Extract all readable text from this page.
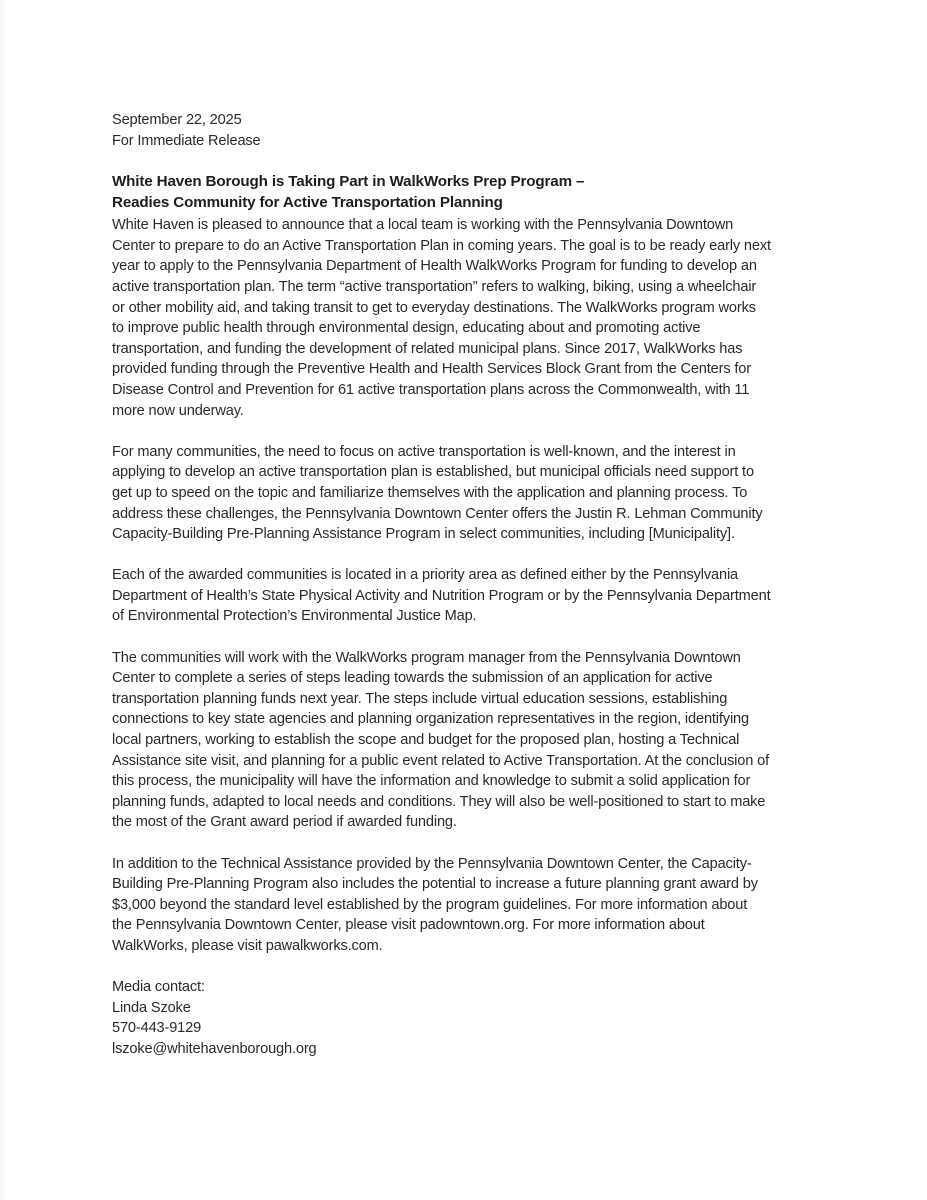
September 22, 2025
For Immediate Release
White Haven Borough is Taking Part in WalkWorks Prep Program –
Readies Community for Active Transportation Planning
White Haven is pleased to announce that a local team is working with the Pennsylvania Downtown
Center to prepare to do an Active Transportation Plan in coming years. The goal is to be ready early next
year to apply to the Pennsylvania Department of Health WalkWorks Program for funding to develop an
active transportation plan. The term “active transportation” refers to walking, biking, using a wheelchair
or other mobility aid, and taking transit to get to everyday destinations. The WalkWorks program works
to improve public health through environmental design, educating about and promoting active
transportation, and funding the development of related municipal plans. Since 2017, WalkWorks has
provided funding through the Preventive Health and Health Services Block Grant from the Centers for
Disease Control and Prevention for 61 active transportation plans across the Commonwealth, with 11
more now underway.
For many communities, the need to focus on active transportation is well-known, and the interest in
applying to develop an active transportation plan is established, but municipal officials need support to
get up to speed on the topic and familiarize themselves with the application and planning process. To
address these challenges, the Pennsylvania Downtown Center offers the Justin R. Lehman Community
Capacity-Building Pre-Planning Assistance Program in select communities, including [Municipality].
Each of the awarded communities is located in a priority area as defined either by the Pennsylvania
Department of Health’s State Physical Activity and Nutrition Program or by the Pennsylvania Department
of Environmental Protection’s Environmental Justice Map.
The communities will work with the WalkWorks program manager from the Pennsylvania Downtown
Center to complete a series of steps leading towards the submission of an application for active
transportation planning funds next year. The steps include virtual education sessions, establishing
connections to key state agencies and planning organization representatives in the region, identifying
local partners, working to establish the scope and budget for the proposed plan, hosting a Technical
Assistance site visit, and planning for a public event related to Active Transportation. At the conclusion of
this process, the municipality will have the information and knowledge to submit a solid application for
planning funds, adapted to local needs and conditions. They will also be well-positioned to start to make
the most of the Grant award period if awarded funding.
In addition to the Technical Assistance provided by the Pennsylvania Downtown Center, the Capacity-
Building Pre-Planning Program also includes the potential to increase a future planning grant award by
$3,000 beyond the standard level established by the program guidelines. For more information about
the Pennsylvania Downtown Center, please visit padowntown.org. For more information about
WalkWorks, please visit pawalkworks.com.
Media contact:
Linda Szoke
570-443-9129
lszoke@whitehavenborough.org
